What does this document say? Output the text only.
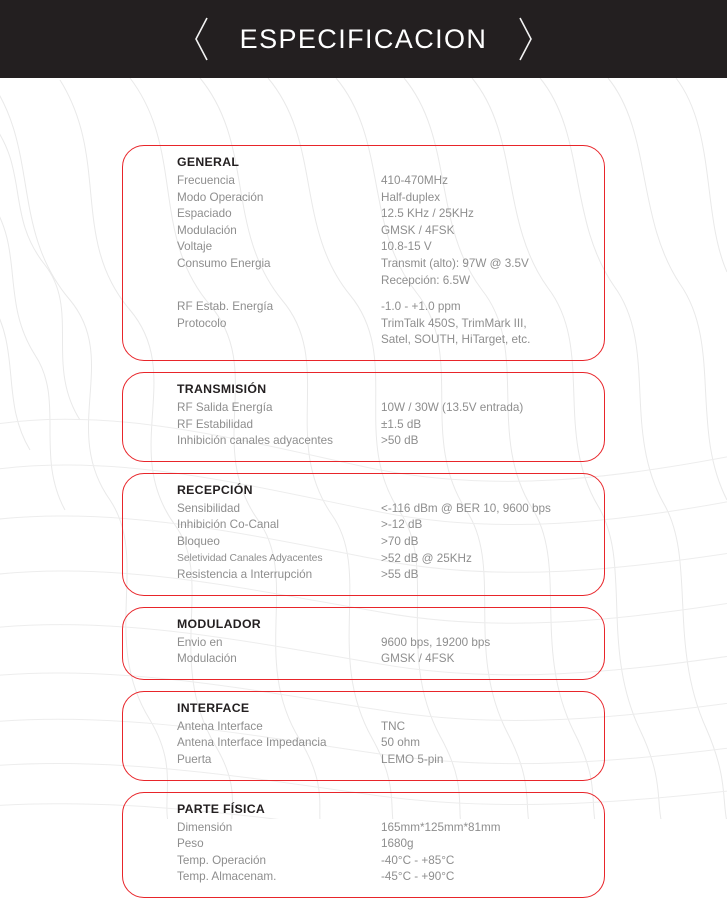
ESPECIFICACION
GENERAL
Frecuencia	410-470MHz
Modo Operación	Half-duplex
Espaciado	12.5 KHz / 25KHz
Modulación	GMSK / 4FSK
Voltaje	10.8-15 V
Consumo Energia	Transmit (alto): 97W @ 3.5V
Recepción: 6.5W
RF Estab. Energía	-1.0 - +1.0 ppm
Protocolo	TrimTalk 450S, TrimMark III,
Satel, SOUTH, HiTarget, etc.
TRANSMISIÓN
RF Salida Energía	10W / 30W (13.5V entrada)
RF Estabilidad	±1.5 dB
Inhibición canales adyacentes	>50 dB
RECEPCIÓN
Sensibilidad	<-116 dBm @ BER 10, 9600 bps
Inhibición Co-Canal	>-12 dB
Bloqueo	>70 dB
Seletividad Canales Adyacentes	>52 dB @ 25KHz
Resistencia a Interrupción	>55 dB
MODULADOR
Envio en	9600 bps, 19200 bps
Modulación	GMSK / 4FSK
INTERFACE
Antena Interface	TNC
Antena Interface Impedancia	50 ohm
Puerta	LEMO 5-pin
PARTE FÍSICA
Dimensión	165mm*125mm*81mm
Peso	1680g
Temp. Operación	-40°C - +85°C
Temp. Almacenam.	-45°C - +90°C
